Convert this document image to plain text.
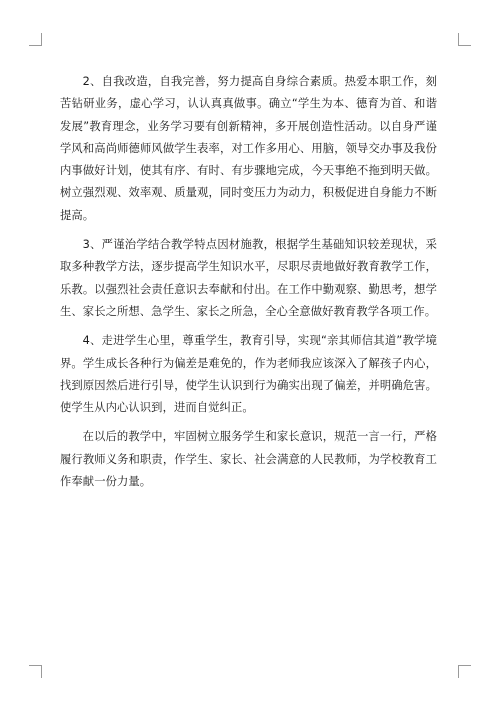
2、自我改造，自我完善，努力提高自身综合素质。热爱本职工作，刻苦钻研业务，虚心学习，认认真真做事。确立“学生为本、德育为首、和谐发展”教育理念，业务学习要有创新精神，多开展创造性活动。以自身严谨学风和高尚师德师风做学生表率，对工作多用心、用脑，领导交办事及我份内事做好计划，使其有序、有时、有步骤地完成，今天事绝不拖到明天做。树立强烈观、效率观、质量观，同时变压力为动力，积极促进自身能力不断提高。

3、严谨治学结合教学特点因材施教，根据学生基础知识较差现状，采取多种教学方法，逐步提高学生知识水平，尽职尽责地做好教育教学工作，乐教。以强烈社会责任意识去奉献和付出。在工作中勤观察、勤思考，想学生、家长之所想、急学生、家长之所急，全心全意做好教育教学各项工作。

4、走进学生心里，尊重学生，教育引导，实现“亲其师信其道”教学境界。学生成长各种行为偏差是难免的，作为老师我应该深入了解孩子内心，找到原因然后进行引导，使学生认识到行为确实出现了偏差，并明确危害。使学生从内心认识到，进而自觉纠正。

在以后的教学中，牢固树立服务学生和家长意识，规范一言一行，严格履行教师义务和职责，作学生、家长、社会满意的人民教师，为学校教育工作奉献一份力量。
